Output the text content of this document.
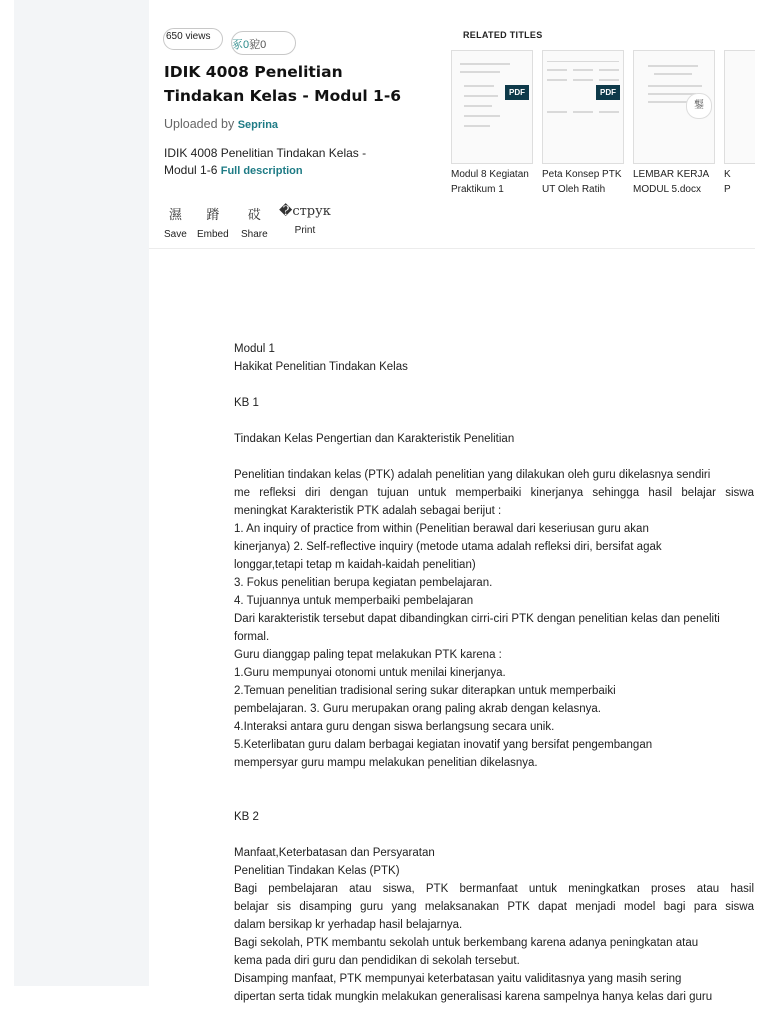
650 views
豖0豟0
IDIK 4008 Penelitian Tindakan Kelas - Modul 1-6
Uploaded by Seprina
IDIK 4008 Penelitian Tindakan Kelas - Modul 1-6 Full description
濕
Save
蹐
Embed
砹
Share
�струк
Print
RELATED TITLES
PDF
Modul 8 Kegiatan Praktikum 1
PDF
Peta Konsep PTK UT Oleh Ratih
鑋
LEMBAR KERJA MODUL 5.docx
K P

Modul 1

Hakikat Penelitian Tindakan Kelas

KB 1

Tindakan Kelas Pengertian dan Karakteristik Penelitian

Penelitian tindakan kelas (PTK) adalah penelitian yang dilakukan oleh guru dikelasnya sendiri

me refleksi diri dengan tujuan untuk memperbaiki kinerjanya sehingga hasil belajar siswa

meningkat Karakteristik PTK adalah sebagai berijut :

1. An inquiry of practice from within (Penelitian berawal dari keseriusan guru akan

kinerjanya) 2. Self-reflective inquiry (metode utama adalah refleksi diri, bersifat agak

longgar,tetapi tetap m kaidah-kaidah penelitian)

3. Fokus penelitian berupa kegiatan pembelajaran.

4. Tujuannya untuk memperbaiki pembelajaran

Dari karakteristik tersebut dapat dibandingkan cirri-ciri PTK dengan penelitian kelas dan peneliti

formal.

Guru dianggap paling tepat melakukan PTK karena :

1.Guru mempunyai otonomi untuk menilai kinerjanya.

2.Temuan penelitian tradisional sering sukar diterapkan untuk memperbaiki

pembelajaran. 3. Guru merupakan orang paling akrab dengan kelasnya.

4.Interaksi antara guru dengan siswa berlangsung secara unik.

5.Keterlibatan guru dalam berbagai kegiatan inovatif yang bersifat pengembangan

mempersyar guru mampu melakukan penelitian dikelasnya.

KB 2

Manfaat,Keterbatasan dan Persyaratan

Penelitian Tindakan Kelas (PTK)

Bagi pembelajaran atau siswa, PTK bermanfaat untuk meningkatkan proses atau hasil

belajar sis disamping guru yang melaksanakan PTK dapat menjadi model bagi para siswa

dalam bersikap kr yerhadap hasil belajarnya.

Bagi sekolah, PTK membantu sekolah untuk berkembang karena adanya peningkatan atau

kema pada diri guru dan pendidikan di sekolah tersebut.

Disamping manfaat, PTK mempunyai keterbatasan yaitu validitasnya yang masih sering

dipertan serta tidak mungkin melakukan generalisasi karena sampelnya hanya kelas dari guru
